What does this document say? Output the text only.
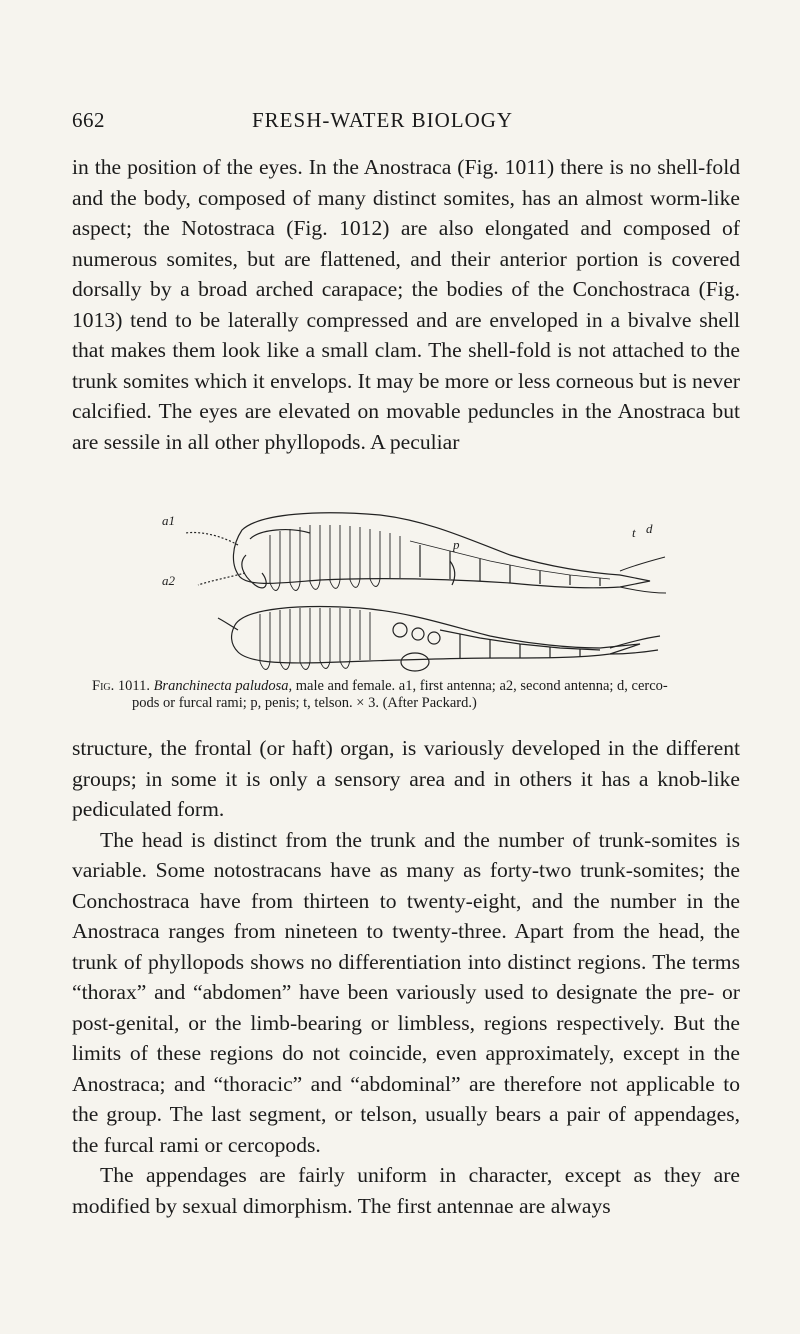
662	FRESH-WATER BIOLOGY

in the position of the eyes. In the Anostraca (Fig. 1011) there is no shell-fold and the body, composed of many distinct somites, has an almost worm-like aspect; the Notostraca (Fig. 1012) are also elongated and composed of numerous somites, but are flattened, and their anterior portion is covered dorsally by a broad arched carapace; the bodies of the Conchostraca (Fig. 1013) tend to be laterally compressed and are enveloped in a bivalve shell that makes them look like a small clam. The shell-fold is not attached to the trunk somites which it envelops. It may be more or less corneous but is never calcified. The eyes are elevated on movable peduncles in the Anostraca but are sessile in all other phyllopods. A peculiar

a1
a2
p
t d

Fig. 1011. Branchinecta paludosa, male and female. a1, first antenna; a2, second antenna; d, cerco-
pods or furcal rami; p, penis; t, telson. × 3. (After Packard.)

structure, the frontal (or haft) organ, is variously developed in the different groups; in some it is only a sensory area and in others it has a knob-like pediculated form.

The head is distinct from the trunk and the number of trunk-somites is variable. Some notostracans have as many as forty-two trunk-somites; the Conchostraca have from thirteen to twenty-eight, and the number in the Anostraca ranges from nineteen to twenty-three. Apart from the head, the trunk of phyllopods shows no differentiation into distinct regions. The terms “thorax” and “abdomen” have been variously used to designate the pre- or post-genital, or the limb-bearing or limbless, regions respectively. But the limits of these regions do not coincide, even approximately, except in the Anostraca; and “thoracic” and “abdominal” are therefore not applicable to the group. The last segment, or telson, usually bears a pair of appendages, the furcal rami or cercopods.

The appendages are fairly uniform in character, except as they are modified by sexual dimorphism. The first antennae are always
